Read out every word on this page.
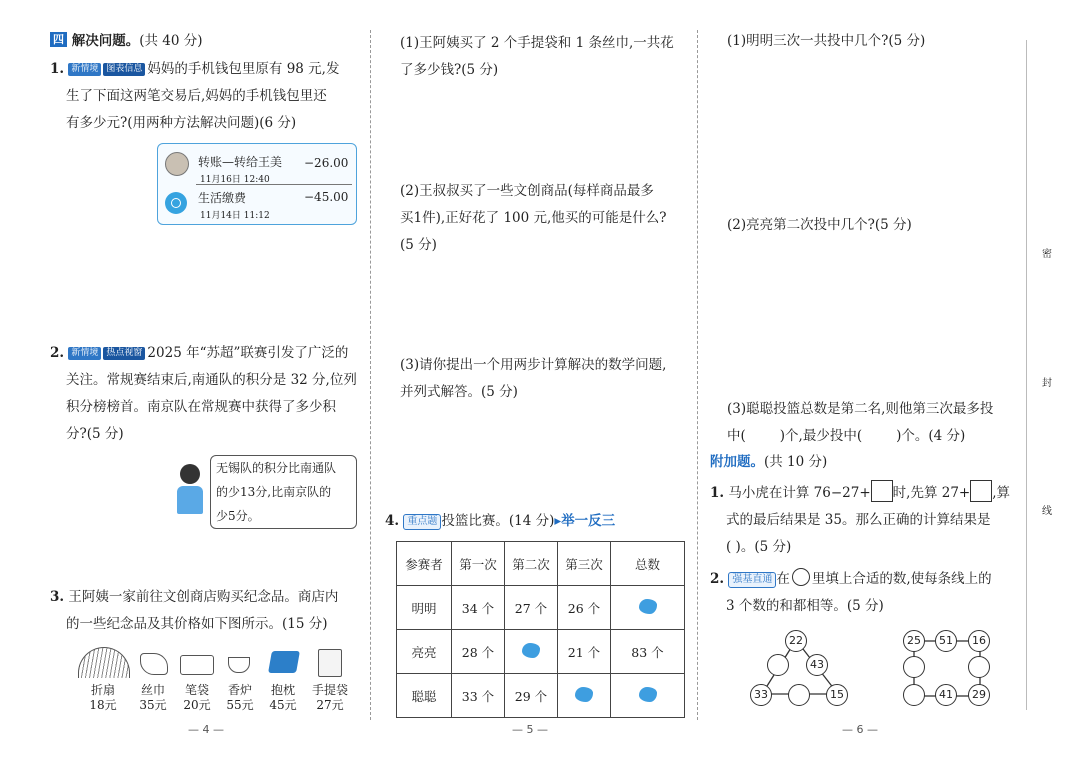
四 解决问题。(共 40 分)
1. 新情境 图表信息 妈妈的手机钱包里原有 98 元,发
生了下面这两笔交易后,妈妈的手机钱包里还
有多少元?(用两种方法解决问题)(6 分)
转账—转给王美
11月16日 12:40
−26.00
生活缴费
11月14日 11:12
−45.00
2. 新情境 热点视窗 2025 年“苏超”联赛引发了广泛的
关注。常规赛结束后,南通队的积分是 32 分,位列
积分榜榜首。南京队在常规赛中获得了多少积
分?(5 分)
无锡队的积分比南通队
的少13分,比南京队的
少5分。
3. 王阿姨一家前往文创商店购买纪念品。商店内
的一些纪念品及其价格如下图所示。(15 分)
折扇
18元
丝巾
35元
笔袋
20元
香炉
55元
抱枕
45元
手提袋
27元
— 4 —
(1)王阿姨买了 2 个手提袋和 1 条丝巾,一共花
了多少钱?(5 分)
(2)王叔叔买了一些文创商品(每样商品最多
买1件),正好花了 100 元,他买的可能是什么?
(5 分)
(3)请你提出一个用两步计算解决的数学问题,
并列式解答。(5 分)
4. 重点题 投篮比赛。(14 分)▸举一反三
参赛者	第一次	第二次	第三次	总数
明明	34 个	27 个	26 个	
亮亮	28 个		21 个	83 个
聪聪	33 个	29 个		
— 5 —
(1)明明三次一共投中几个?(5 分)
(2)亮亮第二次投中几个?(5 分)
(3)聪聪投篮总数是第二名,则他第三次最多投
中(	)个,最少投中(	)个。(4 分)
附加题。(共 10 分)
1. 马小虎在计算 76−27+ 时,先算 27+ ,算
式的最后结果是 35。那么正确的计算结果是
( )。(5 分)
2. 强基直通 在 里填上合适的数,使每条线上的
3 个数的和都相等。(5 分)
22
43
33	15
25	51	16
41	29
— 6 —
密
封
线
